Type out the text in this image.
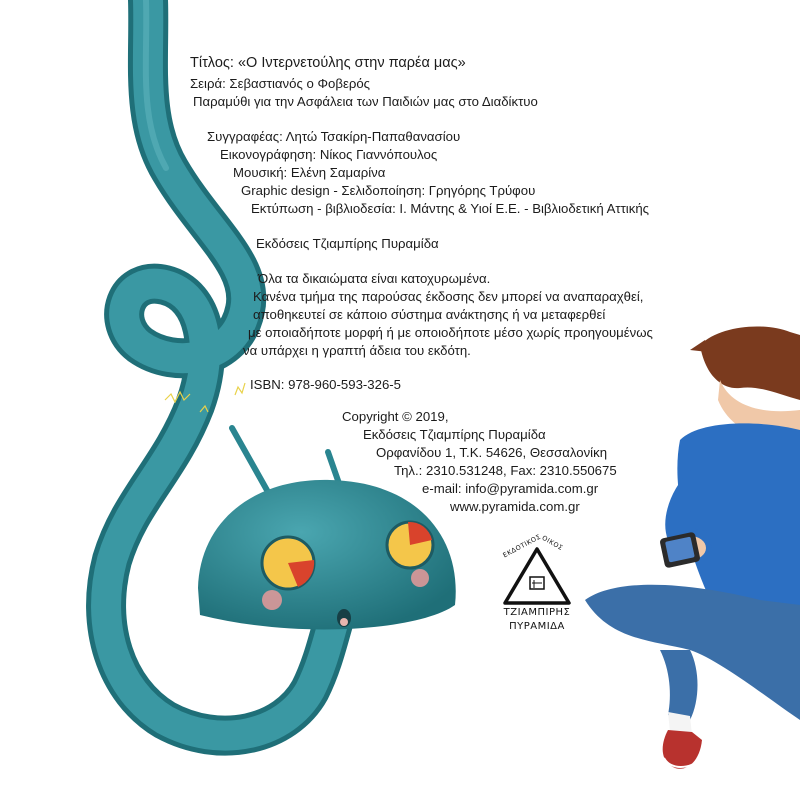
Τίτλος: «Ο Ιντερνετούλης στην παρέα μας»
Σειρά: Σεβαστιανός ο Φοβερός
Παραμύθι για την Ασφάλεια των Παιδιών μας στο Διαδίκτυο
Συγγραφέας: Λητώ Τσακίρη-Παπαθανασίου
Εικονογράφηση: Νίκος Γιαννόπουλος
Μουσική: Ελένη Σαμαρίνα
Graphic design - Σελιδοποίηση: Γρηγόρης Τρύφου
Εκτύπωση - βιβλιοδεσία: Ι. Μάντης & Υιοί Ε.Ε. - Βιβλιοδετική Αττικής
Εκδόσεις Τζιαμπίρης Πυραμίδα
Όλα τα δικαιώματα είναι κατοχυρωμένα.
Κανένα τμήμα της παρούσας έκδοσης δεν μπορεί να αναπαραχθεί,
αποθηκευτεί σε κάποιο σύστημα ανάκτησης ή να μεταφερθεί
με οποιαδήποτε μορφή ή με οποιοδήποτε μέσο χωρίς προηγουμένως
να υπάρχει η γραπτή άδεια του εκδότη.
ISBN: 978-960-593-326-5
Copyright © 2019,
Εκδόσεις Τζιαμπίρης Πυραμίδα
Ορφανίδου 1, Τ.Κ. 54626, Θεσσαλονίκη
Τηλ.: 2310.531248, Fax: 2310.550675
e-mail: info@pyramida.com.gr
www.pyramida.com.gr
ΕΚΔΟΤΙΚΟΣ
ΟΙΚΟΣ
ΤΖΙΑΜΠΙΡΗΣ
ΠΥΡΑΜΙΔΑ
